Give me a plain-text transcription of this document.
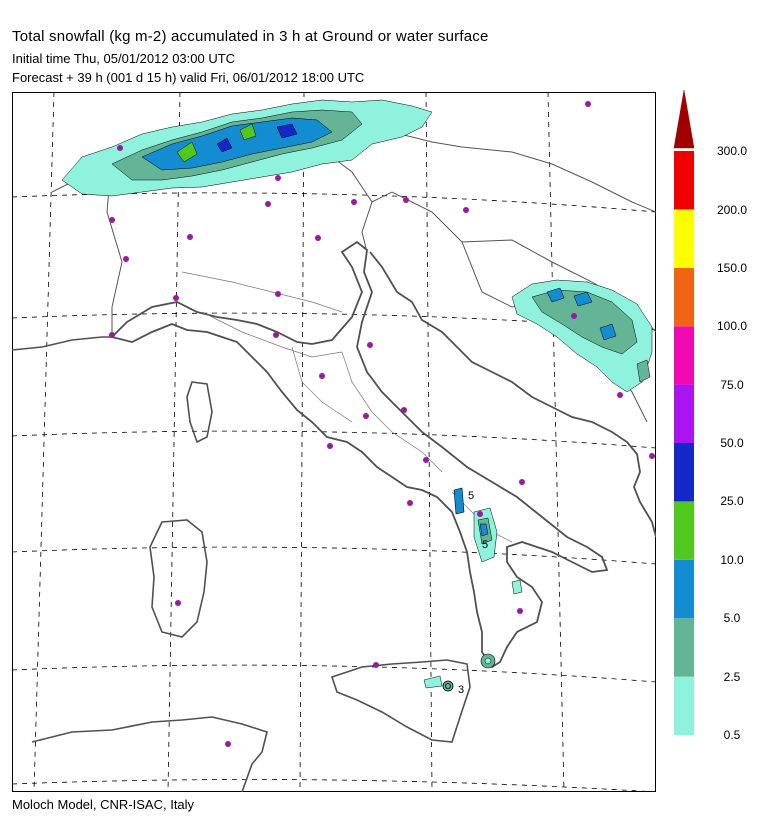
Total snowfall (kg m-2) accumulated in 3 h at Ground or water surface
Initial time Thu, 05/01/2012 03:00 UTC
Forecast + 39 h (001 d 15 h) valid Fri, 06/01/2012 18:00 UTC
5
5
3
0.5
2.5
5.0
10.0
25.0
50.0
75.0
100.0
150.0
200.0
300.0
Moloch Model, CNR-ISAC, Italy
